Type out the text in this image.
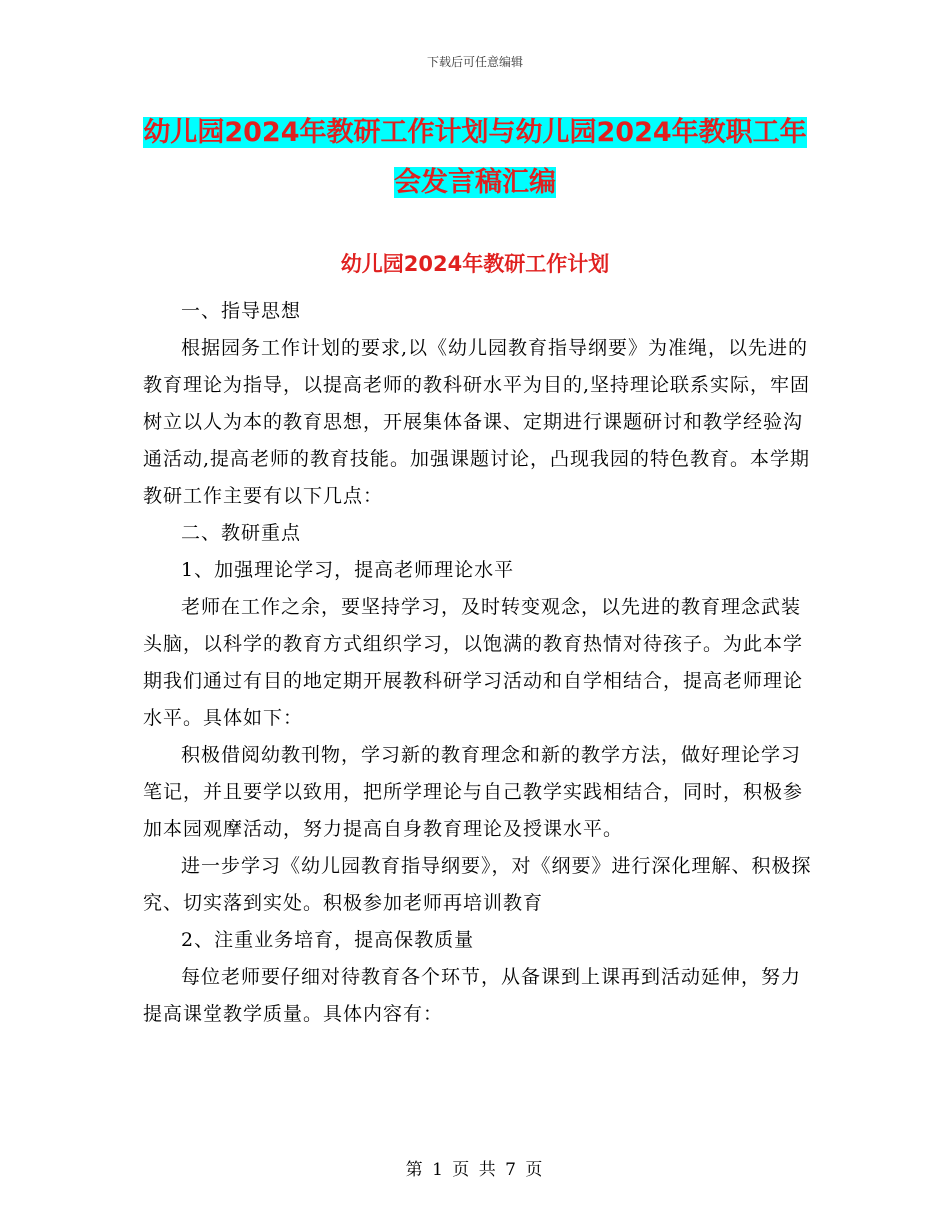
下载后可任意编辑
幼儿园2024年教研工作计划与幼儿园2024年教职工年会发言稿汇编
幼儿园2024年教研工作计划

一、指导思想

根据园务工作计划的要求,以《幼儿园教育指导纲要》为准绳，以先进的教育理论为指导，以提高老师的教科研水平为目的,坚持理论联系实际，牢固树立以人为本的教育思想，开展集体备课、定期进行课题研讨和教学经验沟通活动,提高老师的教育技能。加强课题讨论，凸现我园的特色教育。本学期教研工作主要有以下几点：

二、教研重点

1、加强理论学习，提高老师理论水平

老师在工作之余，要坚持学习，及时转变观念，以先进的教育理念武装头脑，以科学的教育方式组织学习，以饱满的教育热情对待孩子。为此本学期我们通过有目的地定期开展教科研学习活动和自学相结合，提高老师理论水平。具体如下：

积极借阅幼教刊物，学习新的教育理念和新的教学方法，做好理论学习笔记，并且要学以致用，把所学理论与自己教学实践相结合，同时，积极参加本园观摩活动，努力提高自身教育理论及授课水平。

进一步学习《幼儿园教育指导纲要》，对《纲要》进行深化理解、积极探究、切实落到实处。积极参加老师再培训教育

2、注重业务培育，提高保教质量

每位老师要仔细对待教育各个环节，从备课到上课再到活动延伸，努力提高课堂教学质量。具体内容有：

第 1 页 共 7 页
